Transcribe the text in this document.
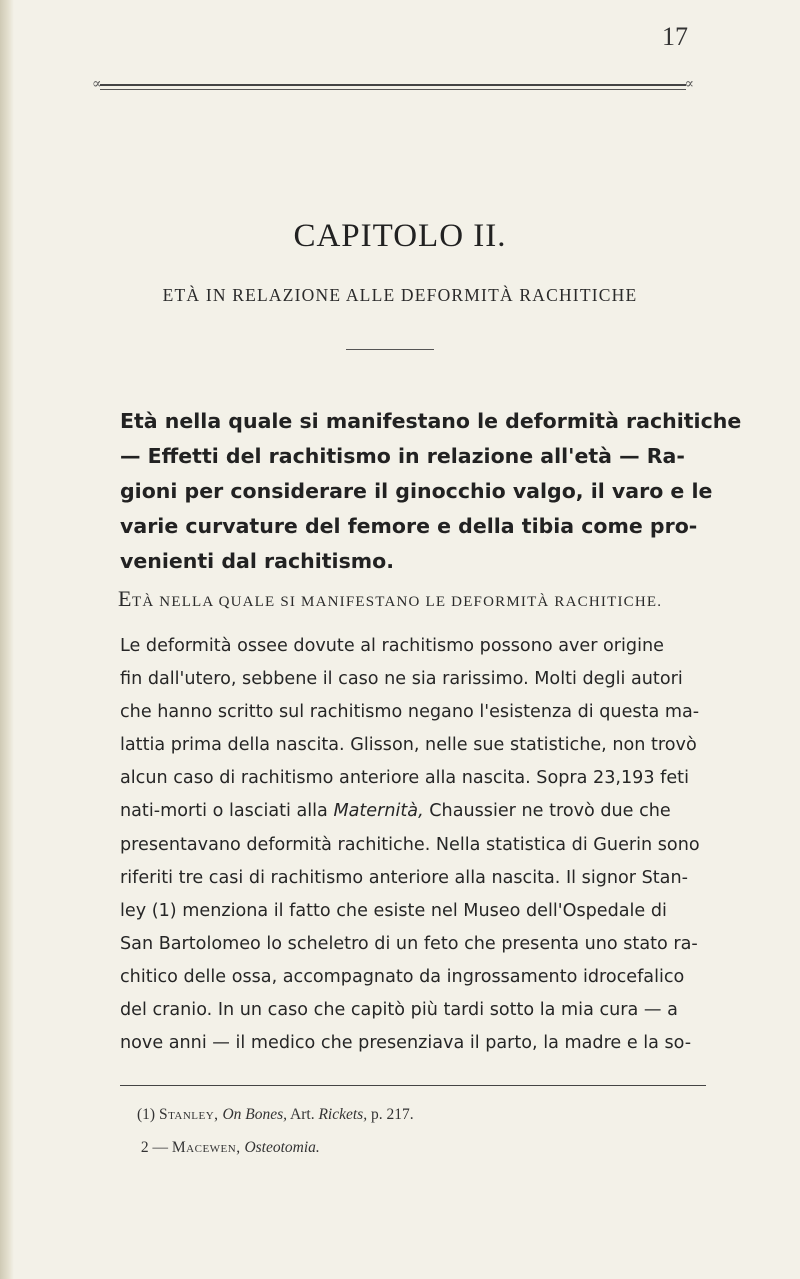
17
∝	∝
CAPITOLO II.
ETÀ IN RELAZIONE ALLE DEFORMITÀ RACHITICHE
Età nella quale si manifestano le deformità rachitiche
— Effetti del rachitismo in relazione all'età — Ra-
gioni per considerare il ginocchio valgo, il varo e le
varie curvature del femore e della tibia come pro-
venienti dal rachitismo.
ETÀ NELLA QUALE SI MANIFESTANO LE DEFORMITÀ RACHITICHE.
Le deformità ossee dovute al rachitismo possono aver origine
fin dall'utero, sebbene il caso ne sia rarissimo. Molti degli autori
che hanno scritto sul rachitismo negano l'esistenza di questa ma-
lattia prima della nascita. Glisson, nelle sue statistiche, non trovò
alcun caso di rachitismo anteriore alla nascita. Sopra 23,193 feti
nati-morti o lasciati alla Maternità, Chaussier ne trovò due che
presentavano deformità rachitiche. Nella statistica di Guerin sono
riferiti tre casi di rachitismo anteriore alla nascita. Il signor Stan-
ley (1) menziona il fatto che esiste nel Museo dell'Ospedale di
San Bartolomeo lo scheletro di un feto che presenta uno stato ra-
chitico delle ossa, accompagnato da ingrossamento idrocefalico
del cranio. In un caso che capitò più tardi sotto la mia cura — a
nove anni — il medico che presenziava il parto, la madre e la so-
(1) Stanley, On Bones, Art. Rickets, p. 217.
2 — Macewen, Osteotomia.
